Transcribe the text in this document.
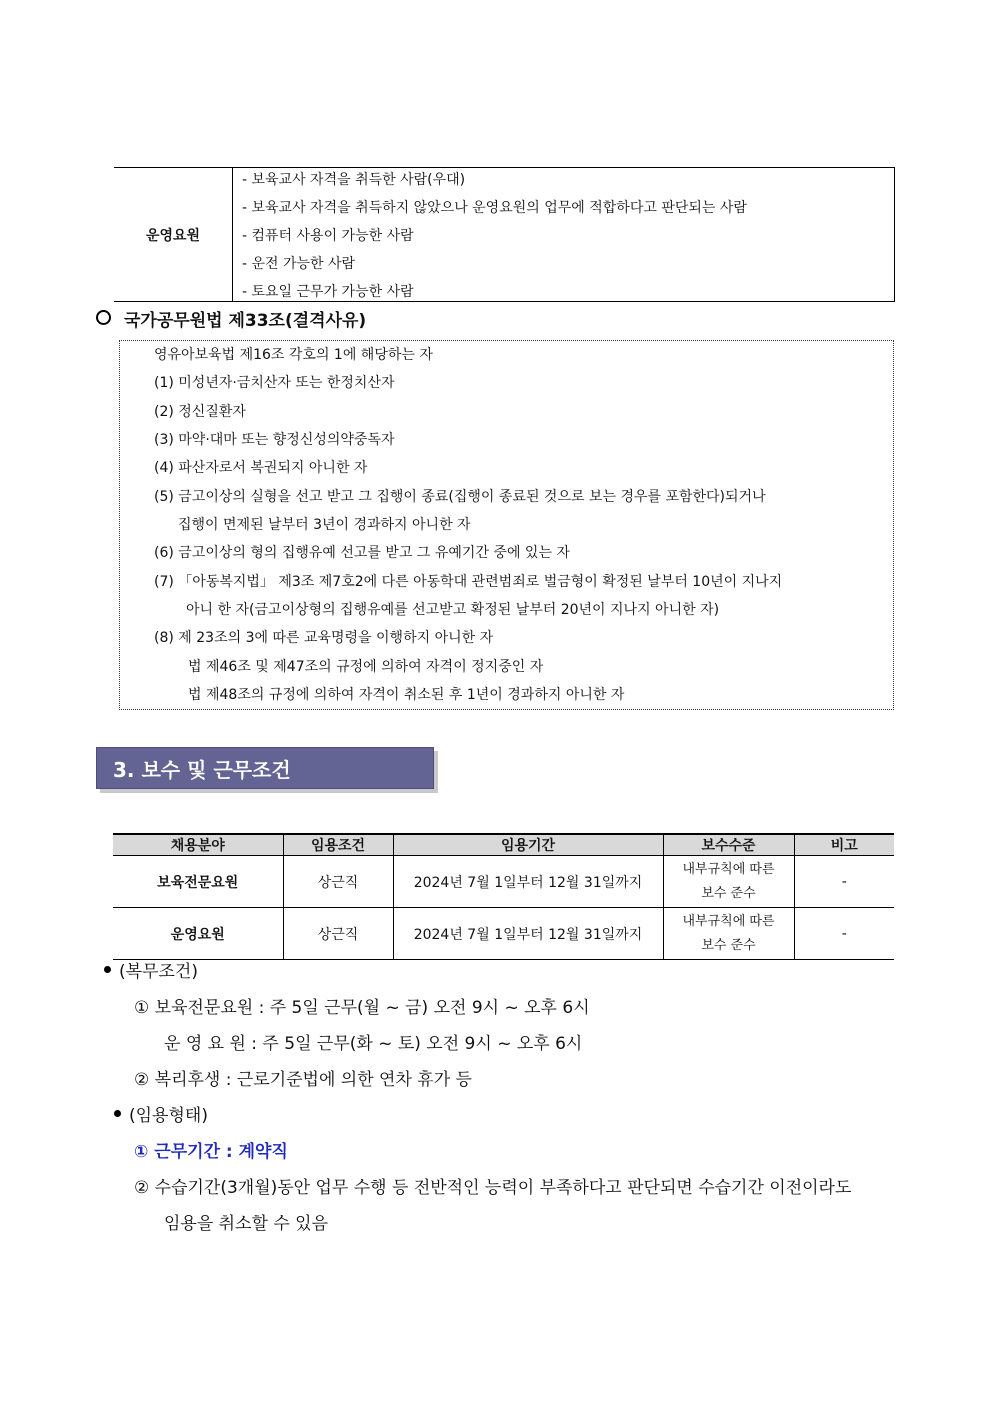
운영요원
- 보육교사 자격을 취득한 사람(우대)
- 보육교사 자격을 취득하지 않았으나 운영요원의 업무에 적합하다고 판단되는 사람
- 컴퓨터 사용이 가능한 사람
- 운전 가능한 사람
- 토요일 근무가 가능한 사람
국가공무원법 제33조(결격사유)
영유아보육법 제16조 각호의 1에 해당하는 자
(1) 미성년자·금치산자 또는 한정치산자
(2) 정신질환자
(3) 마약·대마 또는 향정신성의약중독자
(4) 파산자로서 복권되지 아니한 자
(5) 금고이상의 실형을 선고 받고 그 집행이 종료(집행이 종료된 것으로 보는 경우를 포함한다)되거나
집행이 면제된 날부터 3년이 경과하지 아니한 자
(6) 금고이상의 형의 집행유예 선고를 받고 그 유예기간 중에 있는 자
(7) 「아동복지법」 제3조 제7호2에 다른 아동학대 관련범죄로 벌금형이 확정된 날부터 10년이 지나지
아니 한 자(금고이상형의 집행유예를 선고받고 확정된 날부터 20년이 지나지 아니한 자)
(8) 제 23조의 3에 따른 교육명령을 이행하지 아니한 자
법 제46조 및 제47조의 규정에 의하여 자격이 정지중인 자
법 제48조의 규정에 의하여 자격이 취소된 후 1년이 경과하지 아니한 자
3. 보수 및 근무조건
채용분야	임용조건	임용기간	보수수준	비고
보육전문요원	상근직	2024년 7월 1일부터 12월 31일까지	내부규칙에 따른
보수 준수	-
운영요원	상근직	2024년 7월 1일부터 12월 31일까지	내부규칙에 따른
보수 준수	-
(복무조건)
① 보육전문요원 : 주 5일 근무(월 ~ 금) 오전 9시 ~ 오후 6시
운 영 요 원 : 주 5일 근무(화 ~ 토) 오전 9시 ~ 오후 6시
② 복리후생 : 근로기준법에 의한 연차 휴가 등
(임용형태)
① 근무기간 : 계약직
② 수습기간(3개월)동안 업무 수행 등 전반적인 능력이 부족하다고 판단되면 수습기간 이전이라도
임용을 취소할 수 있음
